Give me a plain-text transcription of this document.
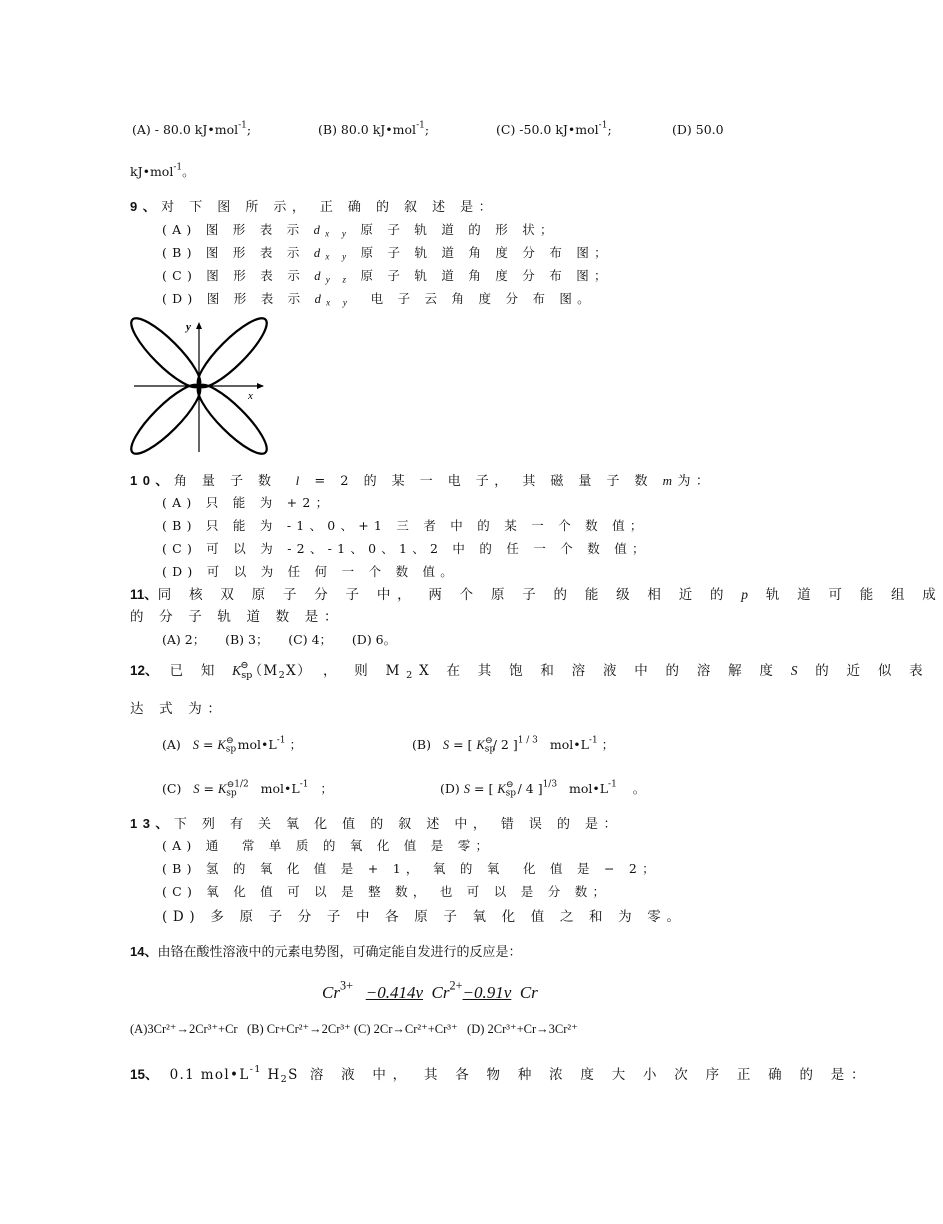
(A) - 80.0 kJ•mol$^{-1}$;	(B) 80.0 kJ•mol$^{-1}$;	(C) -50.0 kJ•mol$^{-1}$;	(D) 50.0
kJ•mol$^{-1}$。
9、对 下 图 所 示， 正 确 的 叙 述 是：
(A) 图 形 表 示 $d_{x y}$ 原 子 轨 道 的 形 状；
(B) 图 形 表 示 $d_{x y}$ 原 子 轨 道 角 度 分 布 图；
(C) 图 形 表 示 $d_{y z}$ 原 子 轨 道 角 度 分 布 图；
(D) 图 形 表 示 $d_{x y}$ 电 子 云 角 度 分 布 图。
y
x
10、角 量 子 数 l = 2 的 某 一 电 子， 其 磁 量 子 数 m为：
(A) 只 能 为 +2；
(B) 只 能 为 -1、0、+1 三 者 中 的 某 一 个 数 值；
(C) 可 以 为 -2、-1、0、1、2 中 的 任 一 个 数 值；
(D) 可 以 为 任 何 一 个 数 值。
11、同 核 双 原 子 分 子 中， 两 个 原 子 的 能 级 相 近 的 p 轨 道 可 能 组 成
的 分 子 轨 道 数 是：
(A) 2；     (B) 3；     (C) 4；     (D) 6。
12、 已 知 $K_{sp}^⊖(M_2X)$ ， 则 $M_2X$ 在 其 饱 和 溶 液 中 的 溶 解 度 S 的 近 似 表
达 式 为：
(A) $S = K_{sp}^⊖$ $mol•L^{-1}$ ；	(B) S = [ $K_{sp}^⊖/$ 2 ]$^{1 / 3}$ $mol•L^{-1}$ ；
(C) $S = K_{sp}^{⊖1/2}$ $mol•L^{-1}$ ；	(D) S = [ $K_{sp}^⊖ / 4$ ]$^{1/3}$ $mol•L^{-1}$ 。
13、下 列 有 关 氧 化 值 的 叙 述 中， 错 误 的 是：
(A) 通  常 单 质 的 氧 化 值 是 零；
(B) 氢 的 氧 化 值 是 + 1， 氧 的 氧  化 值 是 − 2；
(C) 氧 化 值 可 以 是 整 数， 也 可 以 是 分 数；
(D) 多 原 子 分 子 中 各 原 子 氧 化 值 之 和 为 零。
14、由铬在酸性溶液中的元素电势图，可确定能自发进行的反应是：
$Cr^{3+} -0.414v$ $Cr^{2+}-0.91v$ Cr
(A)3Cr²⁺→2Cr³⁺+Cr (B) Cr+Cr²⁺→2Cr³⁺ (C) 2Cr→Cr²⁺+Cr³⁺ (D) 2Cr³⁺+Cr→3Cr²⁺
15、 0.1 $mol•L^{-1}$ $H_2S$ 溶 液 中， 其 各 物 种 浓 度 大 小 次 序 正 确 的 是：
